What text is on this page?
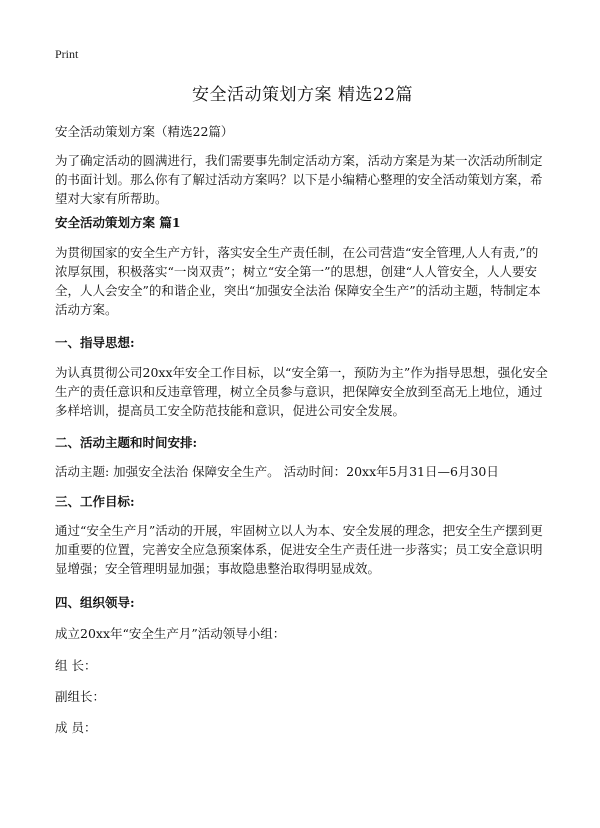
Print
安全活动策划方案 精选22篇

安全活动策划方案（精选22篇）

为了确定活动的圆满进行，我们需要事先制定活动方案，活动方案是为某一次活动所制定的书面计划。那么你有了解过活动方案吗？以下是小编精心整理的安全活动策划方案，希望对大家有所帮助。

安全活动策划方案 篇1

为贯彻国家的安全生产方针，落实安全生产责任制，在公司营造“安全管理,人人有责,”的浓厚氛围，积极落实“一岗双责”；树立“安全第一”的思想，创建“人人管安全，人人要安全，人人会安全”的和谐企业，突出“加强安全法治 保障安全生产”的活动主题，特制定本活动方案。

一、指导思想:

为认真贯彻公司20xx年安全工作目标，以“安全第一，预防为主”作为指导思想，强化安全生产的责任意识和反违章管理，树立全员参与意识，把保障安全放到至高无上地位，通过多样培训，提高员工安全防范技能和意识，促进公司安全发展。

二、活动主题和时间安排:

活动主题: 加强安全法治 保障安全生产。 活动时间：20xx年5月31日—6月30日

三、工作目标:

通过“安全生产月”活动的开展，牢固树立以人为本、安全发展的理念，把安全生产摆到更加重要的位置，完善安全应急预案体系，促进安全生产责任进一步落实；员工安全意识明显增强；安全管理明显加强；事故隐患整治取得明显成效。

四、组织领导:

成立20xx年“安全生产月”活动领导小组：

组 长：

副组长：

成 员：
